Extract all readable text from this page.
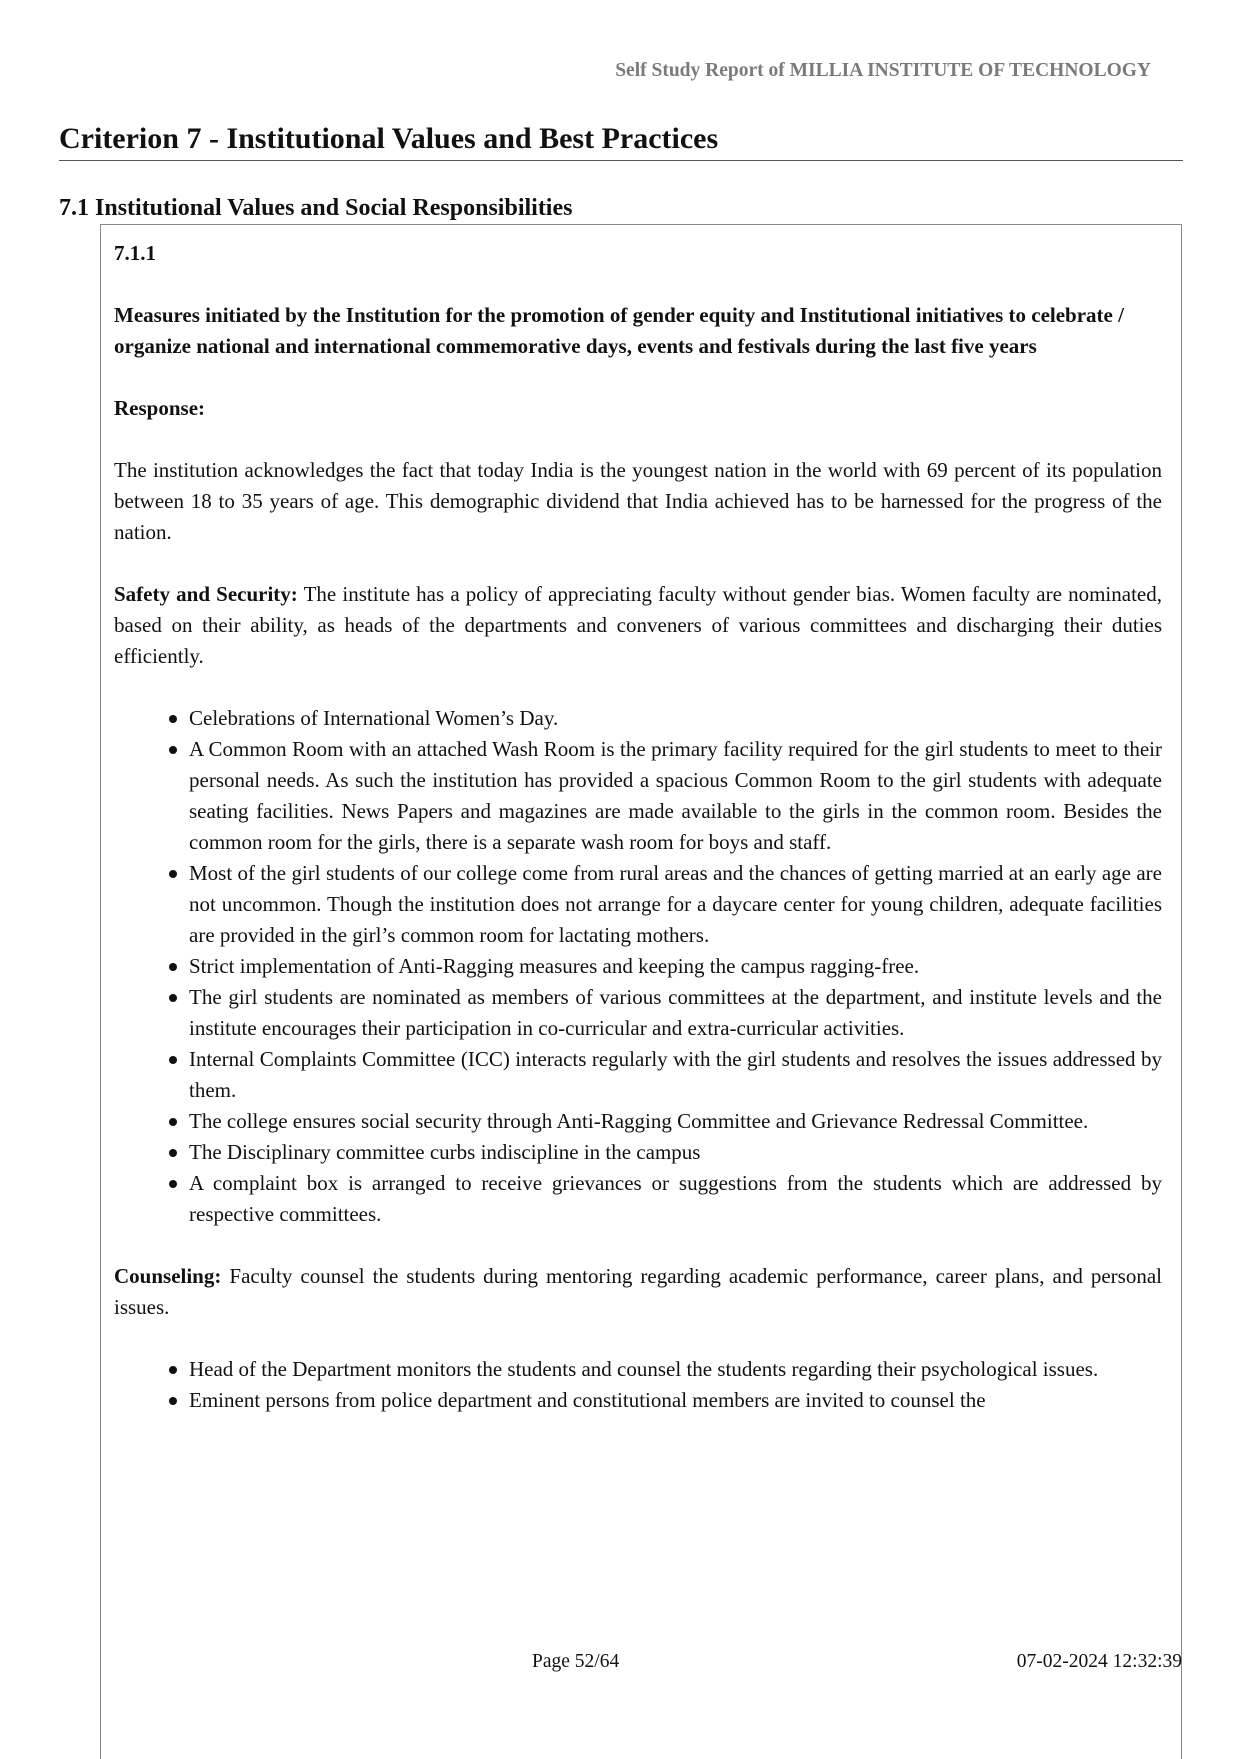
Self Study Report of MILLIA INSTITUTE OF TECHNOLOGY
Criterion 7 - Institutional Values and Best Practices
7.1 Institutional Values and Social Responsibilities

7.1.1

Measures initiated by the Institution for the promotion of gender equity and Institutional initiatives to celebrate / organize national and international commemorative days, events and festivals during the last five years

Response:

The institution acknowledges the fact that today India is the youngest nation in the world with 69 percent of its population between 18 to 35 years of age. This demographic dividend that India achieved has to be harnessed for the progress of the nation.

Safety and Security: The institute has a policy of appreciating faculty without gender bias. Women faculty are nominated, based on their ability, as heads of the departments and conveners of various committees and discharging their duties efficiently.

Celebrations of International Women’s Day.
A Common Room with an attached Wash Room is the primary facility required for the girl students to meet to their personal needs. As such the institution has provided a spacious Common Room to the girl students with adequate seating facilities. News Papers and magazines are made available to the girls in the common room. Besides the common room for the girls, there is a separate wash room for boys and staff.
Most of the girl students of our college come from rural areas and the chances of getting married at an early age are not uncommon. Though the institution does not arrange for a daycare center for young children, adequate facilities are provided in the girl’s common room for lactating mothers.
Strict implementation of Anti-Ragging measures and keeping the campus ragging-free.
The girl students are nominated as members of various committees at the department, and institute levels and the institute encourages their participation in co-curricular and extra-curricular activities.
Internal Complaints Committee (ICC) interacts regularly with the girl students and resolves the issues addressed by them.
The college ensures social security through Anti-Ragging Committee and Grievance Redressal Committee.
The Disciplinary committee curbs indiscipline in the campus
A complaint box is arranged to receive grievances or suggestions from the students which are addressed by respective committees.

Counseling: Faculty counsel the students during mentoring regarding academic performance, career plans, and personal issues.

Head of the Department monitors the students and counsel the students regarding their psychological issues.
Eminent persons from police department and constitutional members are invited to counsel the
Page 52/64	07-02-2024 12:32:39
